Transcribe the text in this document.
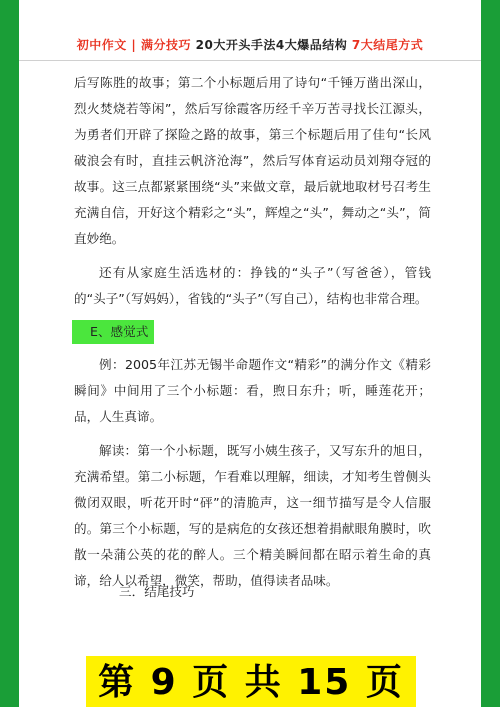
初中作文 | 满分技巧 20大开头手法4大爆品结构 7大结尾方式

后写陈胜的故事；第二个小标题后用了诗句“千锤万凿出深山，烈火焚烧若等闲”，然后写徐霞客历经千辛万苦寻找长江源头，为勇者们开辟了探险之路的故事，第三个标题后用了佳句“长风破浪会有时，直挂云帆济沧海”，然后写体育运动员刘翔夺冠的故事。这三点都紧紧围绕“头”来做文章，最后就地取材号召考生充满自信，开好这个精彩之“头”，辉煌之“头”，舞动之“头”，简直妙绝。

还有从家庭生活选材的：挣钱的“头子”（写爸爸），管钱的“头子”（写妈妈），省钱的“头子”（写自己），结构也非常合理。

E、感觉式

例：2005年江苏无锡半命题作文“精彩”的满分作文《精彩瞬间》中间用了三个小标题：看，煦日东升；听，睡莲花开；品，人生真谛。

解读：第一个小标题，既写小姨生孩子，又写东升的旭日，充满希望。第二小标题，乍看难以理解，细读，才知考生曾侧头微闭双眼，听花开时“砰”的清脆声，这一细节描写是令人信服的。第三个小标题，写的是病危的女孩还想着捐献眼角膜时，吹散一朵蒲公英的花的醉人。三个精美瞬间都在昭示着生命的真谛，给人以希望，微笑，帮助，值得读者品味。

三．结尾技巧
第 9 页 共 15 页
